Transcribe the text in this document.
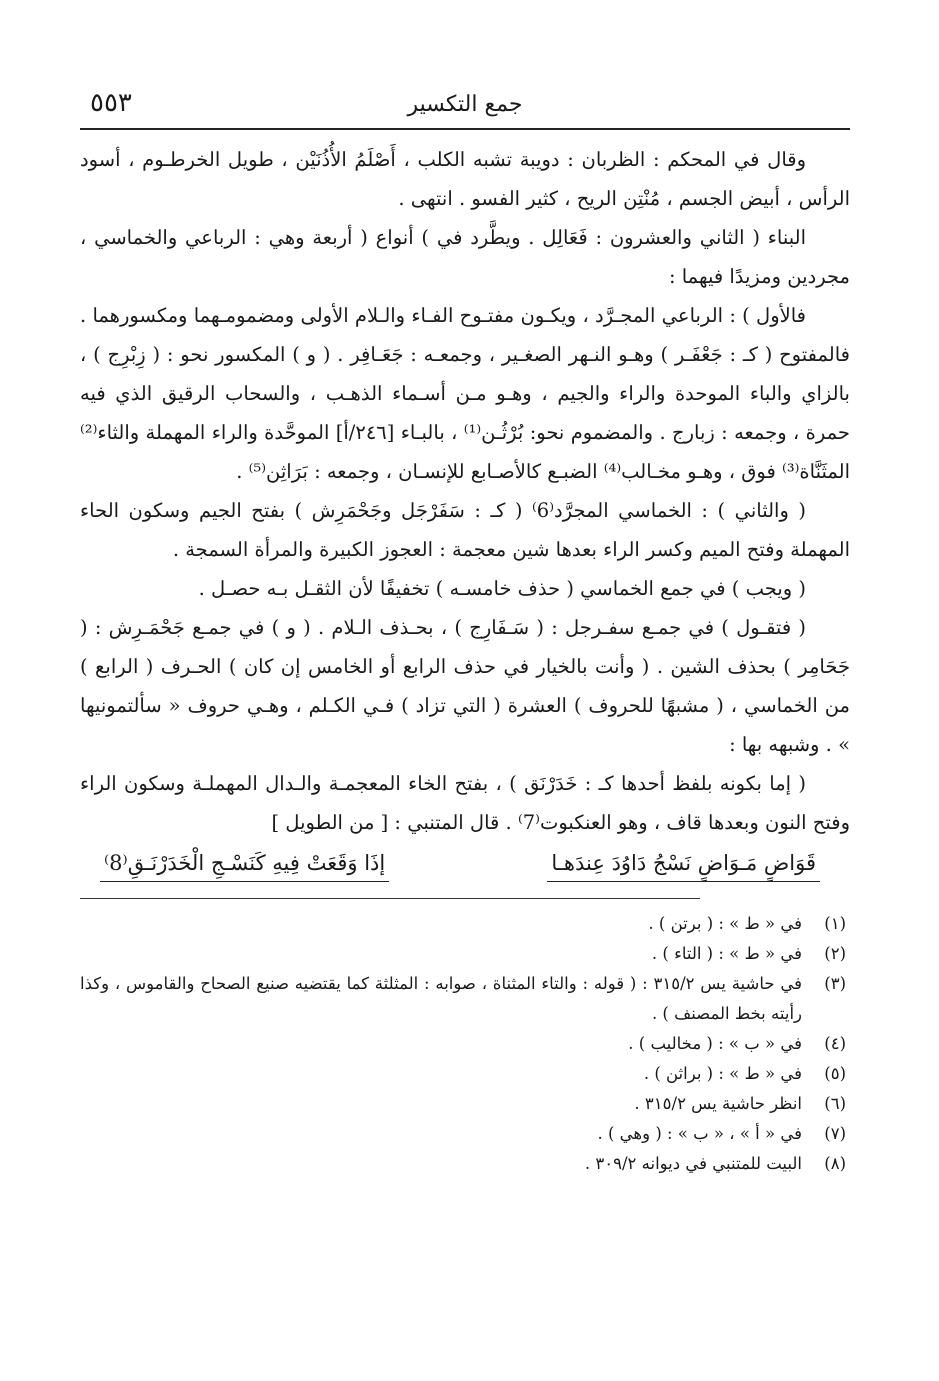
جمع التكسير
٥٥٣

وقال في المحكم : الظربان : دويبة تشبه الكلب ، أَصْلَمُ الأُذُنَيْن ، طويل الخرطـوم ، أسود الرأس ، أبيض الجسم ، مُنْتِن الريح ، كثير الفسو . انتهى .

البناء ( الثاني والعشرون : فَعَالِل . ويطَّرد في ) أنواع ( أربعة وهي : الرباعي والخماسي ، مجردين ومزيدًا فيهما :

فالأول ) : الرباعي المجـرَّد ، ويكـون مفتـوح الفـاء والـلام الأولى ومضمومـهما ومكسورهما . فالمفتوح ( كـ : جَعْفَـر ) وهـو النـهر الصغـير ، وجمعـه : جَعَـافِر . ( و ) المكسور نحو : ( زِبْرِج ) ، بالزاي والباء الموحدة والراء والجيم ، وهـو مـن أسـماء الذهـب ، والسحاب الرقيق الذي فيه حمرة ، وجمعه : زبارج . والمضموم نحو: بُرْثُـن⁽¹⁾ ، بالبـاء [٢٤٦/أ] الموحَّدة والراء المهملة والثاء⁽²⁾ المثَنَّاة⁽³⁾ فوق ، وهـو مخـالب⁽⁴⁾ الضبـع كالأصـابع للإنسـان ، وجمعه : بَرَاثِن⁽⁵⁾ .

( والثاني ) : الخماسي المجرَّد⁽6⁾ ( كـ : سَفَرْجَل وجَحْمَرِش ) بفتح الجيم وسكون الحاء المهملة وفتح الميم وكسر الراء بعدها شين معجمة : العجوز الكبيرة والمرأة السمجة .

( ويجب ) في جمع الخماسي ( حذف خامسـه ) تخفيفًا لأن الثقـل بـه حصـل .

( فتقـول ) في جمـع سفـرجل : ( سَـفَارِج ) ، بحـذف الـلام . ( و ) في جمـع جَحْمَـرِش : ( جَحَامِر ) بحذف الشين . ( وأنت بالخيار في حذف الرابع أو الخامس إن كان ) الحـرف ( الرابع ) من الخماسي ، ( مشبهًا للحروف ) العشرة ( التي تزاد ) فـي الكـلم ، وهـي حروف « سألتمونيها » . وشبهه بها :

( إما بكونه بلفظ أحدها كـ : خَدَرْنَق ) ، بفتح الخاء المعجمـة والـدال المهملـة وسكون الراء وفتح النون وبعدها قاف ، وهو العنكبوت⁽7⁾ . قال المتنبي : [ من الطويل ]

قَوَاضٍ مَـوَاضٍ نَسْجُ دَاوُدَ عِندَهـا
إذَا وَقَعَتْ فِيهِ كَنَسْـجِ الْخَدَرْنَـقِ⁽8⁾
(١)
في « ط » : ( برتن ) .
(٢)
في « ط » : ( التاء ) .
(٣)
في حاشية يس ٣١٥/٢ : ( قوله : والتاء المثناة ، صوابه : المثلثة كما يقتضيه صنيع الصحاح والقاموس ، وكذا رأيته بخط المصنف ) .
(٤)
في « ب » : ( مخاليب ) .
(٥)
في « ط » : ( براثن ) .
(٦)
انظر حاشية يس ٣١٥/٢ .
(٧)
في « أ » ، « ب » : ( وهي ) .
(٨)
البيت للمتنبي في ديوانه ٣٠٩/٢ .
